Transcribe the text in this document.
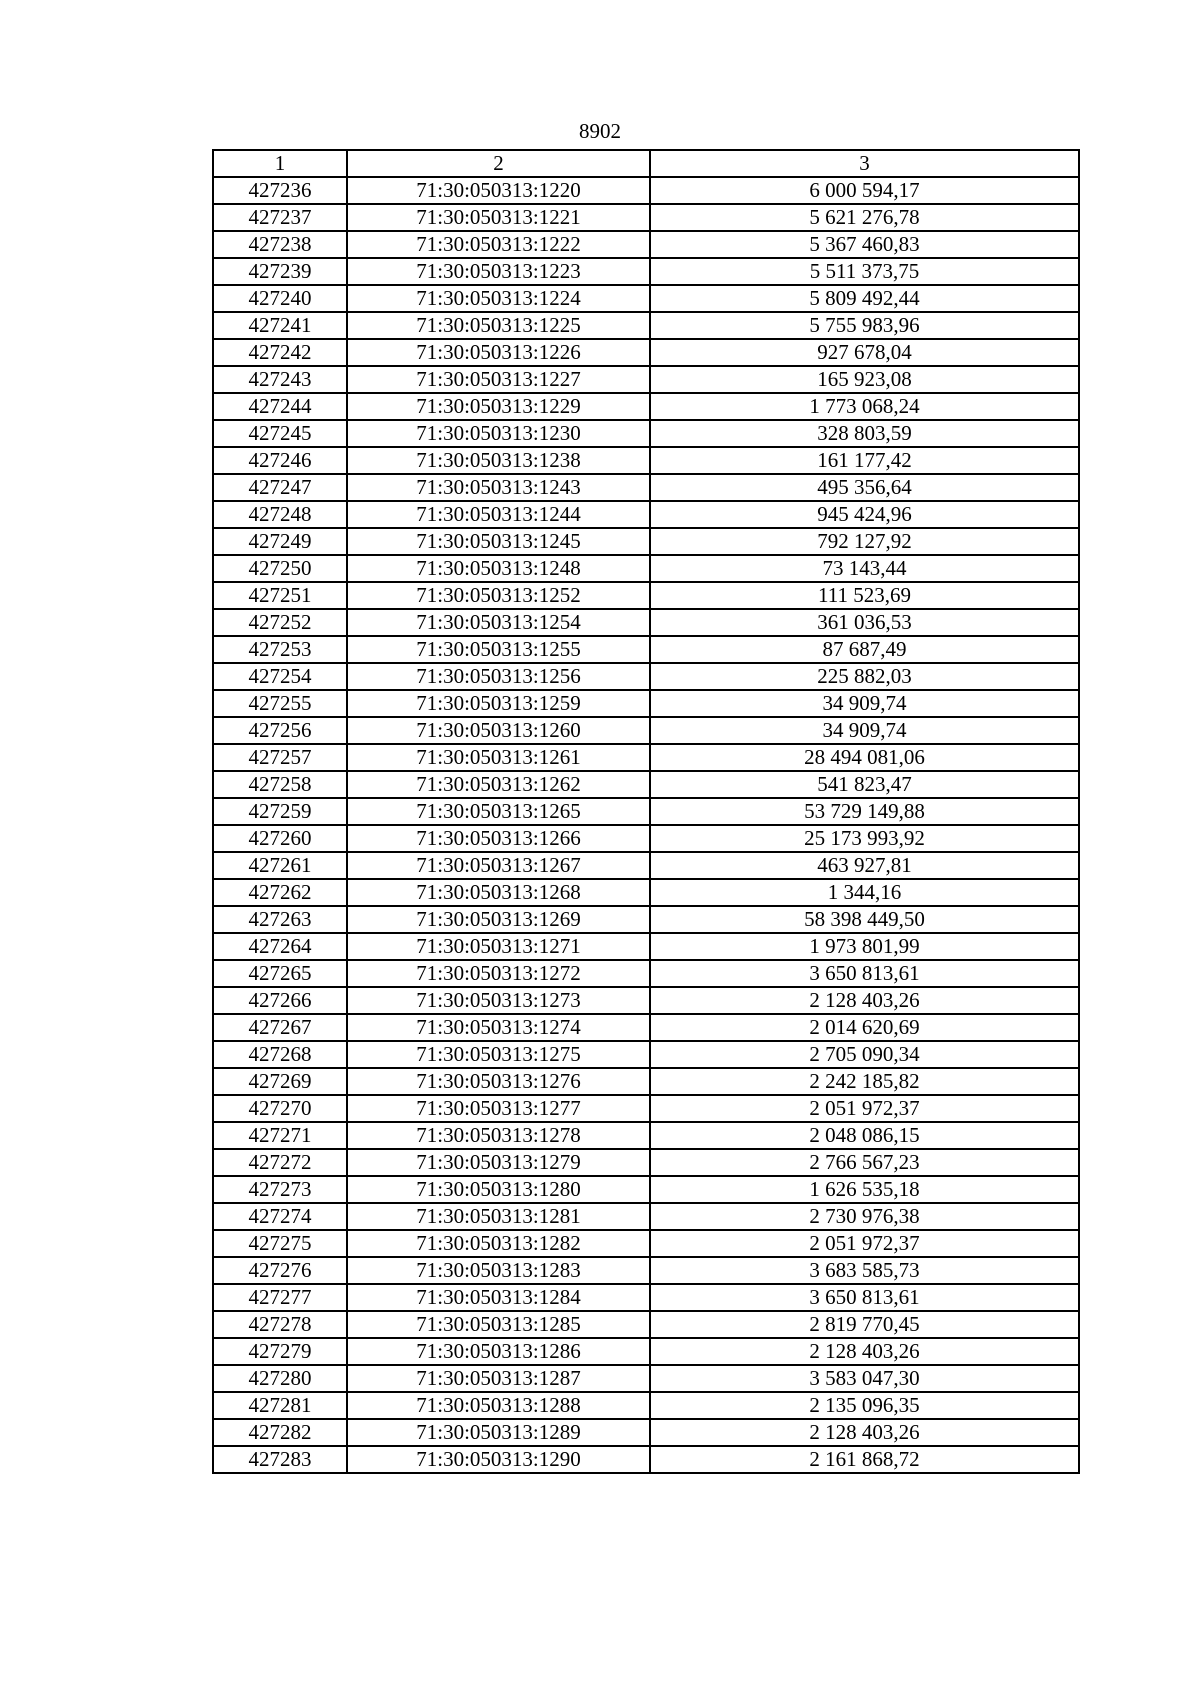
8902
1	2	3
427236	71:30:050313:1220	6 000 594,17
427237	71:30:050313:1221	5 621 276,78
427238	71:30:050313:1222	5 367 460,83
427239	71:30:050313:1223	5 511 373,75
427240	71:30:050313:1224	5 809 492,44
427241	71:30:050313:1225	5 755 983,96
427242	71:30:050313:1226	927 678,04
427243	71:30:050313:1227	165 923,08
427244	71:30:050313:1229	1 773 068,24
427245	71:30:050313:1230	328 803,59
427246	71:30:050313:1238	161 177,42
427247	71:30:050313:1243	495 356,64
427248	71:30:050313:1244	945 424,96
427249	71:30:050313:1245	792 127,92
427250	71:30:050313:1248	73 143,44
427251	71:30:050313:1252	111 523,69
427252	71:30:050313:1254	361 036,53
427253	71:30:050313:1255	87 687,49
427254	71:30:050313:1256	225 882,03
427255	71:30:050313:1259	34 909,74
427256	71:30:050313:1260	34 909,74
427257	71:30:050313:1261	28 494 081,06
427258	71:30:050313:1262	541 823,47
427259	71:30:050313:1265	53 729 149,88
427260	71:30:050313:1266	25 173 993,92
427261	71:30:050313:1267	463 927,81
427262	71:30:050313:1268	1 344,16
427263	71:30:050313:1269	58 398 449,50
427264	71:30:050313:1271	1 973 801,99
427265	71:30:050313:1272	3 650 813,61
427266	71:30:050313:1273	2 128 403,26
427267	71:30:050313:1274	2 014 620,69
427268	71:30:050313:1275	2 705 090,34
427269	71:30:050313:1276	2 242 185,82
427270	71:30:050313:1277	2 051 972,37
427271	71:30:050313:1278	2 048 086,15
427272	71:30:050313:1279	2 766 567,23
427273	71:30:050313:1280	1 626 535,18
427274	71:30:050313:1281	2 730 976,38
427275	71:30:050313:1282	2 051 972,37
427276	71:30:050313:1283	3 683 585,73
427277	71:30:050313:1284	3 650 813,61
427278	71:30:050313:1285	2 819 770,45
427279	71:30:050313:1286	2 128 403,26
427280	71:30:050313:1287	3 583 047,30
427281	71:30:050313:1288	2 135 096,35
427282	71:30:050313:1289	2 128 403,26
427283	71:30:050313:1290	2 161 868,72
